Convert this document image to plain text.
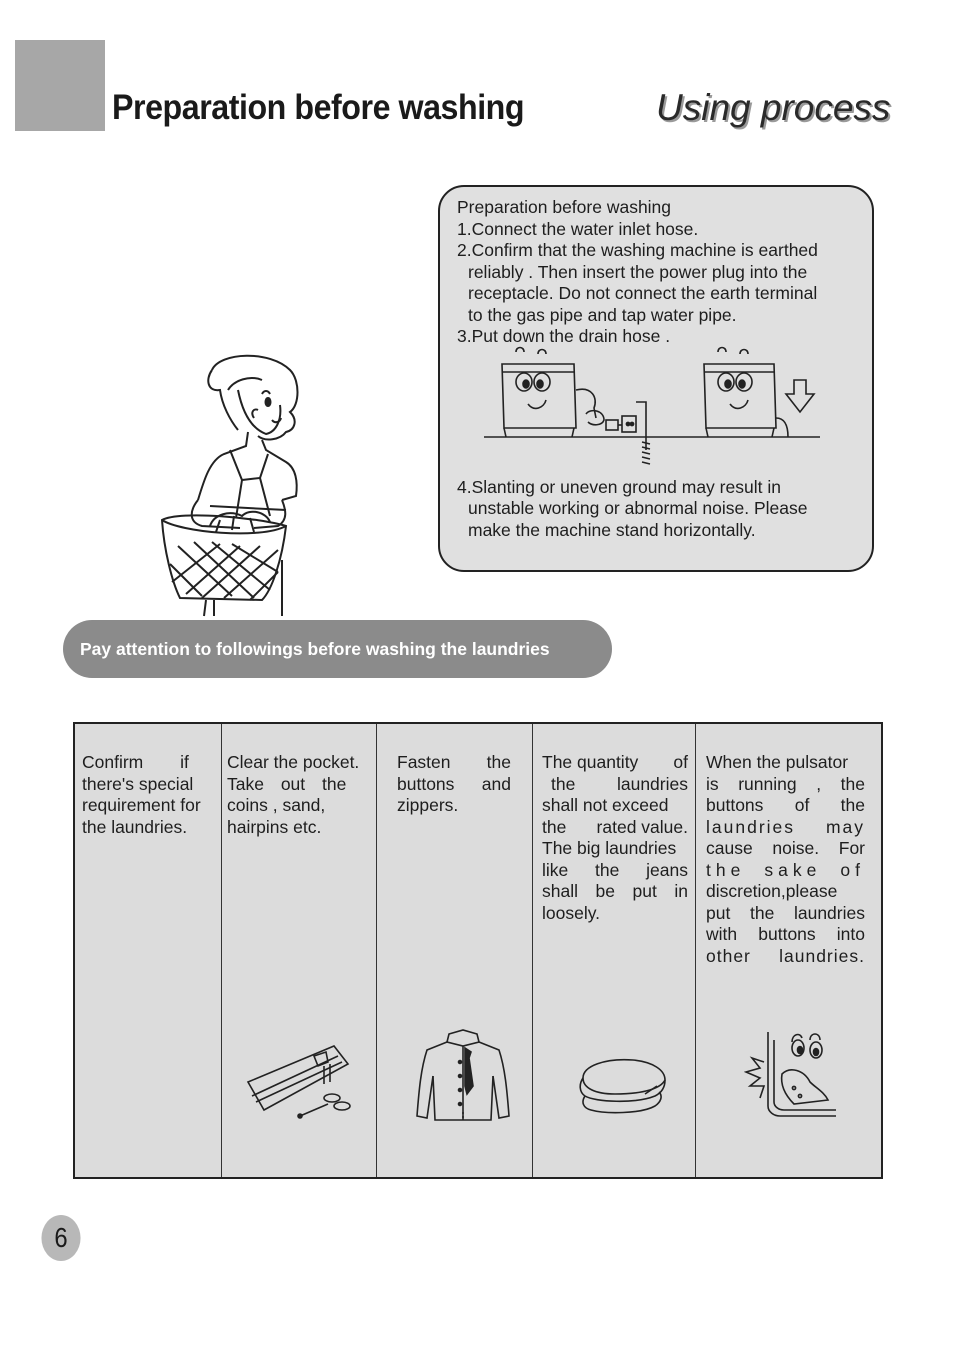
Preparation before washing	Using process
Preparation before washing
1.Connect the water inlet hose.
2.Confirm that the washing machine is earthed
reliably . Then insert the power plug into the
receptacle. Do not connect the earth terminal
to the gas pipe and tap water pipe.
3.Put down the drain hose .
4.Slanting or uneven ground may result in
unstable working or abnormal noise. Please
make the machine stand horizontally.
Pay attention to followings before washing the laundries
Confirm if
there's special
requirement for
the laundries.
Clear the pocket.
Take out the
coins , sand,
hairpins etc.
Fasten the
buttons and
zippers.
The quantity of
the laundries
shall not exceed
the rated value.
The big laundries
like the jeans
shall be put in
loosely.
When the pulsator
is running , the
buttons of the
laundries may
cause noise. For
the sake of
discretion,please
put the laundries
with buttons into
other laundries.
6
